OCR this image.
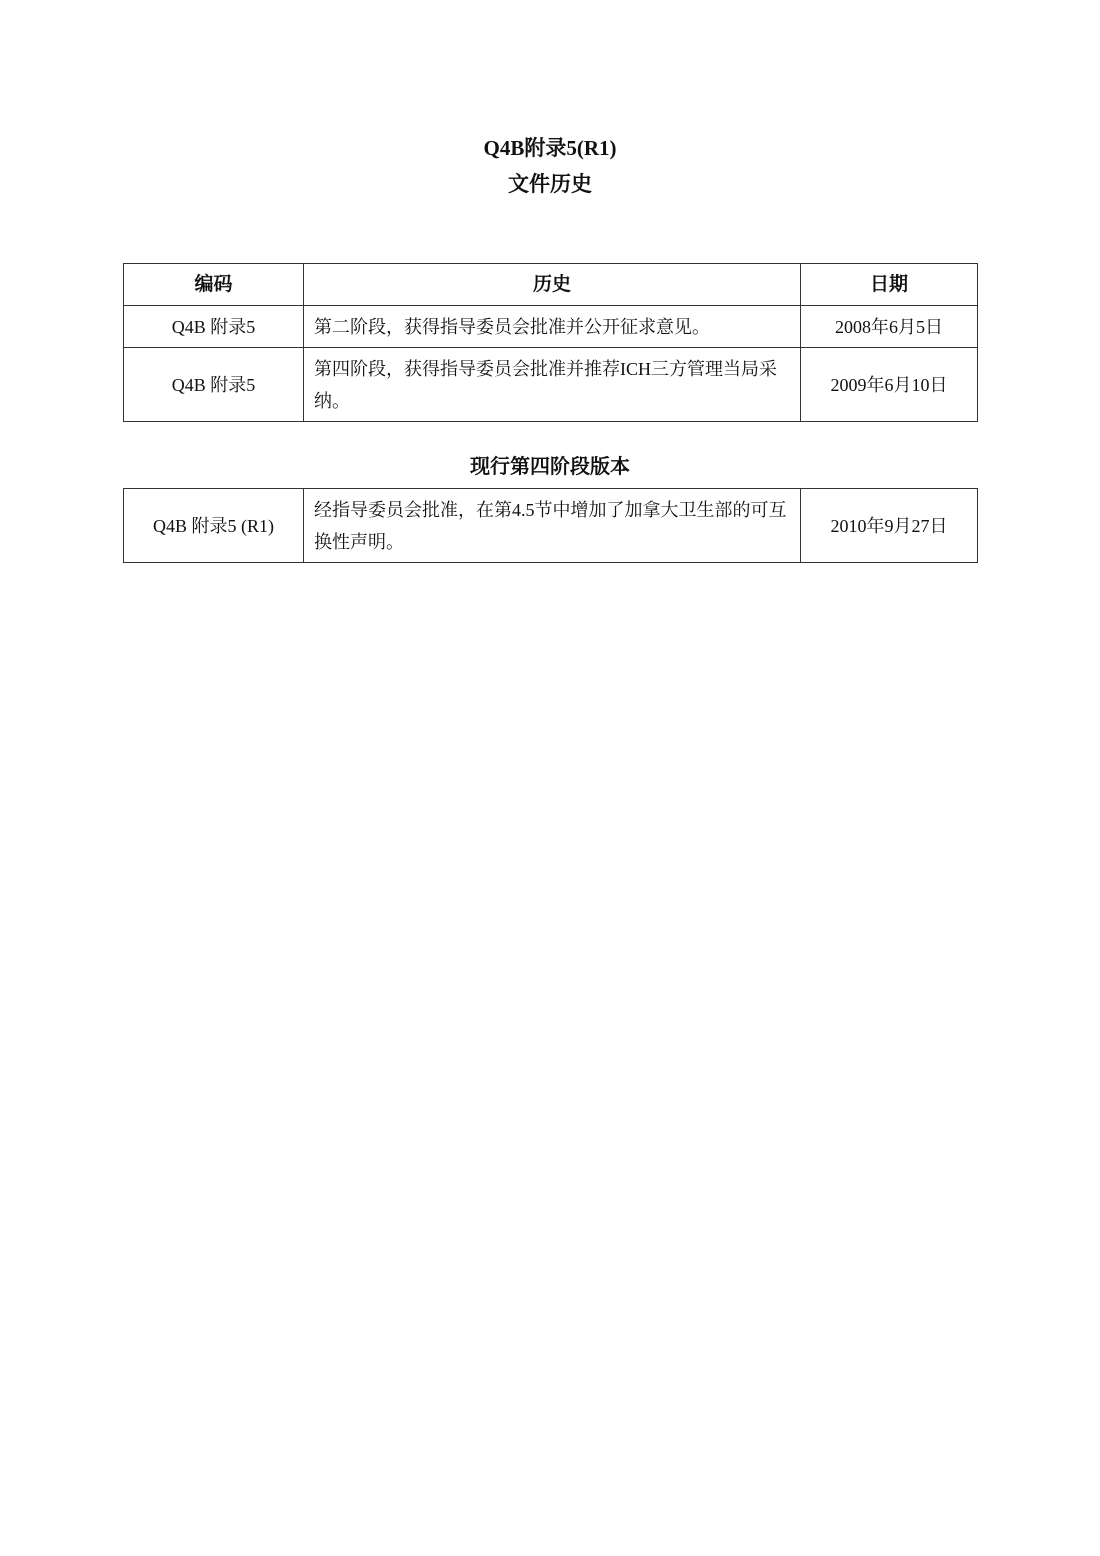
Q4B附录5(R1)
文件历史
编码	历史	日期
Q4B 附录5	第二阶段，获得指导委员会批准并公开征求意见。	2008年6月5日
Q4B 附录5	第四阶段，获得指导委员会批准并推荐ICH三方管理当局采纳。	2009年6月10日
现行第四阶段版本
Q4B 附录5 (R1)	经指导委员会批准，在第4.5节中增加了加拿大卫生部的可互换性声明。	2010年9月27日
